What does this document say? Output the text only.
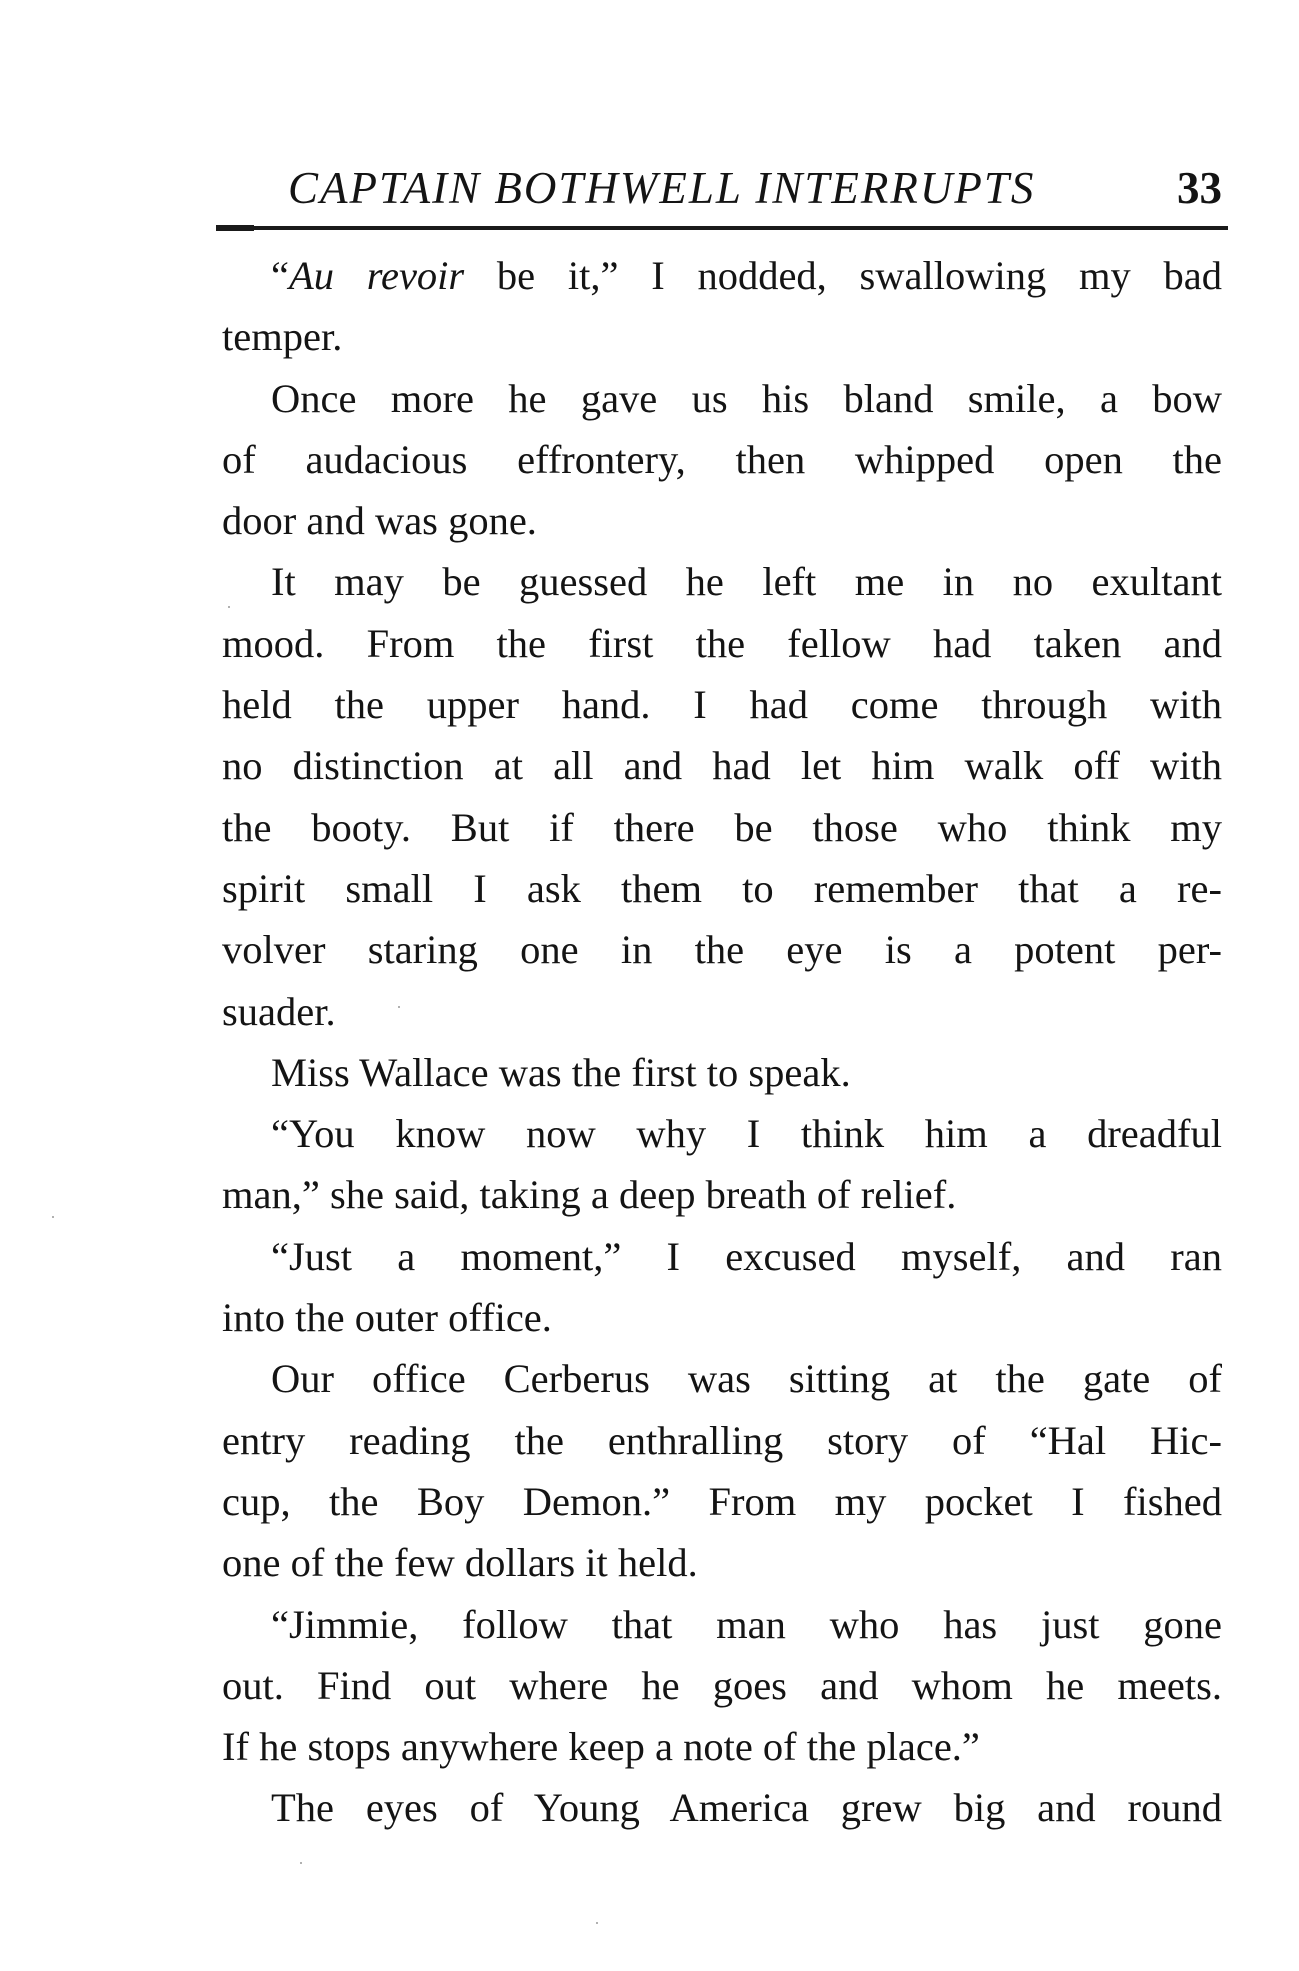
CAPTAIN BOTHWELL INTERRUPTS	33
“Au revoir be it,” I nodded, swallowing my bad
temper.
Once more he gave us his bland smile, a bow
of audacious effrontery, then whipped open the
door and was gone.
It may be guessed he left me in no exultant
mood. From the first the fellow had taken and
held the upper hand. I had come through with
no distinction at all and had let him walk off with
the booty. But if there be those who think my
spirit small I ask them to remember that a re-
volver staring one in the eye is a potent per-
suader.
Miss Wallace was the first to speak.
“You know now why I think him a dreadful
man,” she said, taking a deep breath of relief.
“Just a moment,” I excused myself, and ran
into the outer office.
Our office Cerberus was sitting at the gate of
entry reading the enthralling story of “Hal Hic-
cup, the Boy Demon.” From my pocket I fished
one of the few dollars it held.
“Jimmie, follow that man who has just gone
out. Find out where he goes and whom he meets.
If he stops anywhere keep a note of the place.”
The eyes of Young America grew big and round
